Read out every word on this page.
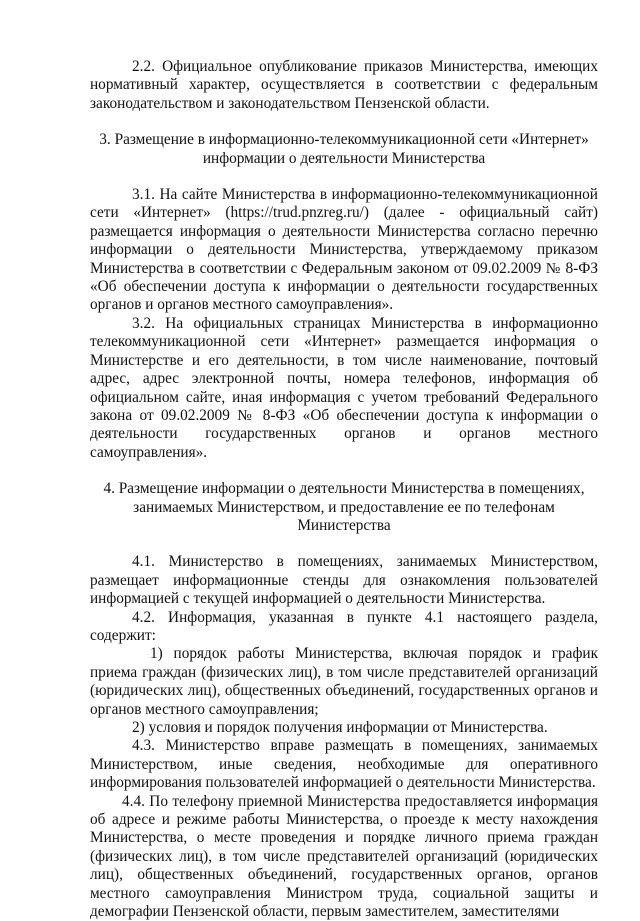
2.2. Официальное опубликование приказов Министерства, имеющих нормативный характер, осуществляется в соответствии с федеральным законодательством и законодательством Пензенской области.

3. Размещение в информационно-телекоммуникационной сети «Интернет» информации о деятельности Министерства

3.1. На сайте Министерства в информационно-телекоммуникационной сети «Интернет» (https://trud.pnzreg.ru/) (далее - официальный сайт) размещается информация о деятельности Министерства согласно перечню информации о деятельности Министерства, утверждаемому приказом Министерства в соответствии с Федеральным законом от 09.02.2009 № 8-ФЗ «Об обеспечении доступа к информации о деятельности государственных органов и органов местного самоуправления».

3.2. На официальных страницах Министерства в информационно телекоммуникационной сети «Интернет» размещается информация о Министерстве и его деятельности, в том числе наименование, почтовый адрес, адрес электронной почты, номера телефонов, информация об официальном сайте, иная информация с учетом требований Федерального закона от 09.02.2009 № 8-ФЗ «Об обеспечении доступа к информации о деятельности государственных органов и органов местного самоуправления».

4. Размещение информации о деятельности Министерства в помещениях, занимаемых Министерством, и предоставление ее по телефонам Министерства

4.1. Министерство в помещениях, занимаемых Министерством, размещает информационные стенды для ознакомления пользователей информацией с текущей информацией о деятельности Министерства.

4.2. Информация, указанная в пункте 4.1 настоящего раздела, содержит:

1) порядок работы Министерства, включая порядок и график приема граждан (физических лиц), в том числе представителей организаций (юридических лиц), общественных объединений, государственных органов и органов местного самоуправления;

2) условия и порядок получения информации от Министерства.

4.3. Министерство вправе размещать в помещениях, занимаемых Министерством, иные сведения, необходимые для оперативного информирования пользователей информацией о деятельности Министерства.

4.4. По телефону приемной Министерства предоставляется информация об адресе и режиме работы Министерства, о проезде к месту нахождения Министерства, о месте проведения и порядке личного приема граждан (физических лиц), в том числе представителей организаций (юридических лиц), общественных объединений, государственных органов, органов местного самоуправления Министром труда, социальной защиты и демографии Пензенской области, первым заместителем, заместителями
